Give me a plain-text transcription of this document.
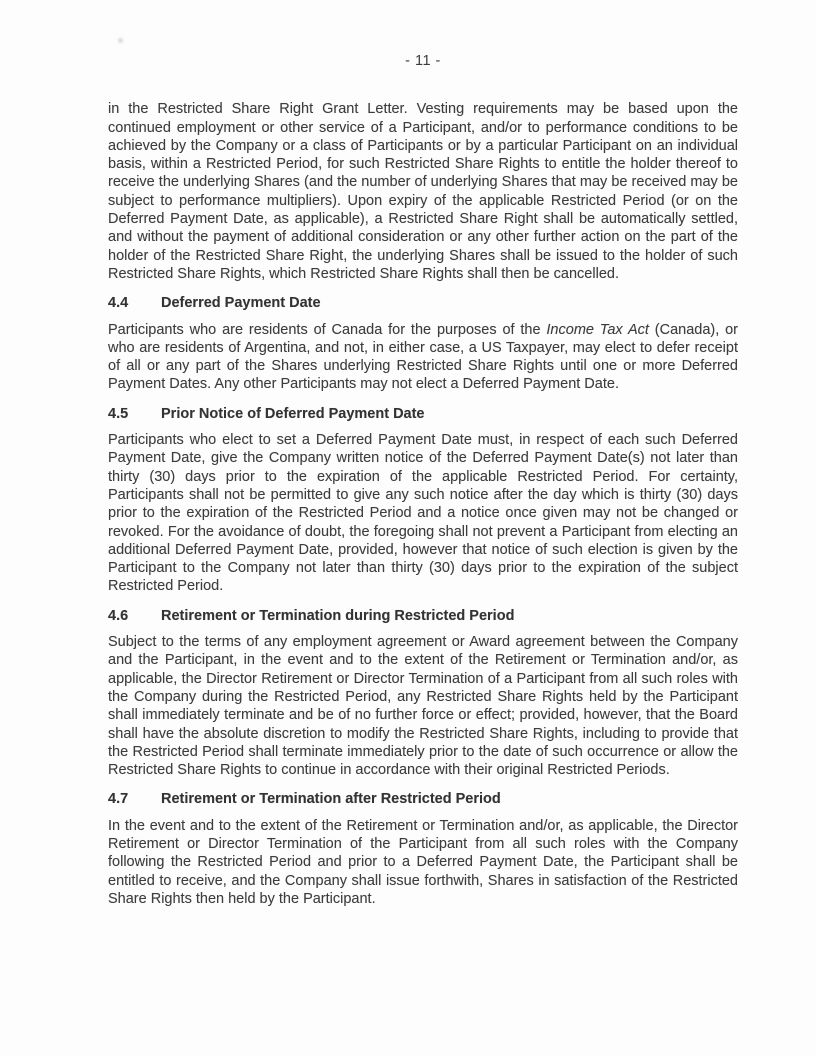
- 11 -

in the Restricted Share Right Grant Letter. Vesting requirements may be based upon the continued employment or other service of a Participant, and/or to performance conditions to be achieved by the Company or a class of Participants or by a particular Participant on an individual basis, within a Restricted Period, for such Restricted Share Rights to entitle the holder thereof to receive the underlying Shares (and the number of underlying Shares that may be received may be subject to performance multipliers). Upon expiry of the applicable Restricted Period (or on the Deferred Payment Date, as applicable), a Restricted Share Right shall be automatically settled, and without the payment of additional consideration or any other further action on the part of the holder of the Restricted Share Right, the underlying Shares shall be issued to the holder of such Restricted Share Rights, which Restricted Share Rights shall then be cancelled.

4.4 Deferred Payment Date

Participants who are residents of Canada for the purposes of the Income Tax Act (Canada), or who are residents of Argentina, and not, in either case, a US Taxpayer, may elect to defer receipt of all or any part of the Shares underlying Restricted Share Rights until one or more Deferred Payment Dates. Any other Participants may not elect a Deferred Payment Date.

4.5 Prior Notice of Deferred Payment Date

Participants who elect to set a Deferred Payment Date must, in respect of each such Deferred Payment Date, give the Company written notice of the Deferred Payment Date(s) not later than thirty (30) days prior to the expiration of the applicable Restricted Period. For certainty, Participants shall not be permitted to give any such notice after the day which is thirty (30) days prior to the expiration of the Restricted Period and a notice once given may not be changed or revoked. For the avoidance of doubt, the foregoing shall not prevent a Participant from electing an additional Deferred Payment Date, provided, however that notice of such election is given by the Participant to the Company not later than thirty (30) days prior to the expiration of the subject Restricted Period.

4.6 Retirement or Termination during Restricted Period

Subject to the terms of any employment agreement or Award agreement between the Company and the Participant, in the event and to the extent of the Retirement or Termination and/or, as applicable, the Director Retirement or Director Termination of a Participant from all such roles with the Company during the Restricted Period, any Restricted Share Rights held by the Participant shall immediately terminate and be of no further force or effect; provided, however, that the Board shall have the absolute discretion to modify the Restricted Share Rights, including to provide that the Restricted Period shall terminate immediately prior to the date of such occurrence or allow the Restricted Share Rights to continue in accordance with their original Restricted Periods.

4.7 Retirement or Termination after Restricted Period

In the event and to the extent of the Retirement or Termination and/or, as applicable, the Director Retirement or Director Termination of the Participant from all such roles with the Company following the Restricted Period and prior to a Deferred Payment Date, the Participant shall be entitled to receive, and the Company shall issue forthwith, Shares in satisfaction of the Restricted Share Rights then held by the Participant.
